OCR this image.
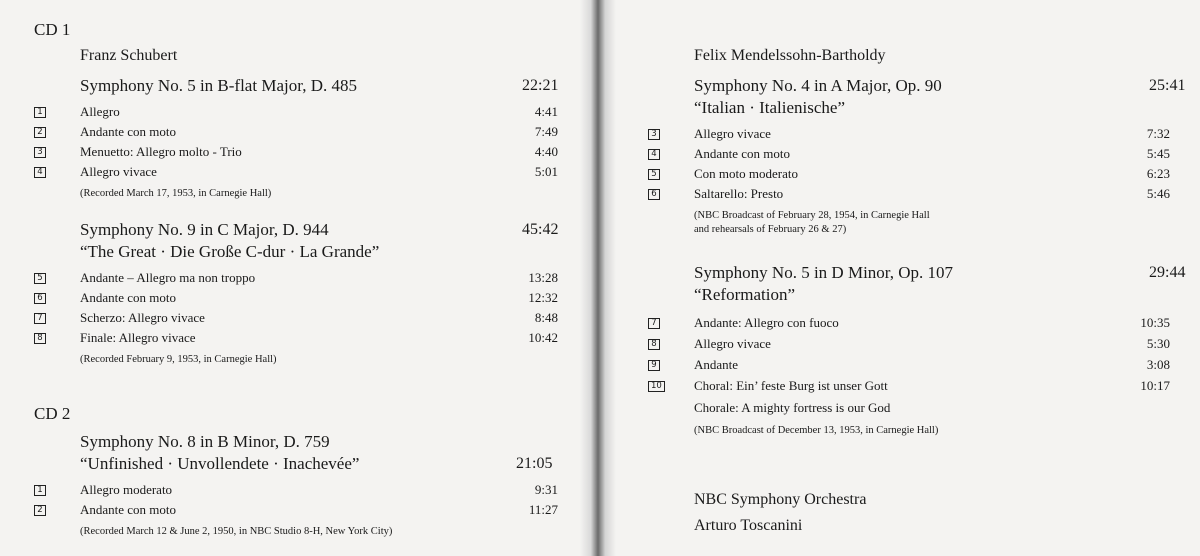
CD 1
Franz Schubert
Symphony No. 5 in B-flat Major, D. 485	22:21
1	Allegro	4:41
2	Andante con moto	7:49
3	Menuetto: Allegro molto - Trio	4:40
4	Allegro vivace	5:01
(Recorded March 17, 1953, in Carnegie Hall)
Symphony No. 9 in C Major, D. 944	45:42
“The Great · Die Große C-dur · La Grande”
5	Andante – Allegro ma non troppo	13:28
6	Andante con moto	12:32
7	Scherzo: Allegro vivace	8:48
8	Finale: Allegro vivace	10:42
(Recorded February 9, 1953, in Carnegie Hall)
CD 2
Symphony No. 8 in B Minor, D. 759
“Unfinished · Unvollendete · Inachevée”	21:05
1	Allegro moderato	9:31
2	Andante con moto	11:27
(Recorded March 12 & June 2, 1950, in NBC Studio 8-H, New York City)
Felix Mendelssohn-Bartholdy
Symphony No. 4 in A Major, Op. 90	25:41
“Italian · Italienische”
3	Allegro vivace	7:32
4	Andante con moto	5:45
5	Con moto moderato	6:23
6	Saltarello: Presto	5:46
(NBC Broadcast of February 28, 1954, in Carnegie Hall
and rehearsals of February 26 & 27)
Symphony No. 5 in D Minor, Op. 107	29:44
“Reformation”
7	Andante: Allegro con fuoco	10:35
8	Allegro vivace	5:30
9	Andante	3:08
10 Choral: Ein’ feste Burg ist unser Gott	10:17
Chorale: A mighty fortress is our God
(NBC Broadcast of December 13, 1953, in Carnegie Hall)
NBC Symphony Orchestra
Arturo Toscanini
